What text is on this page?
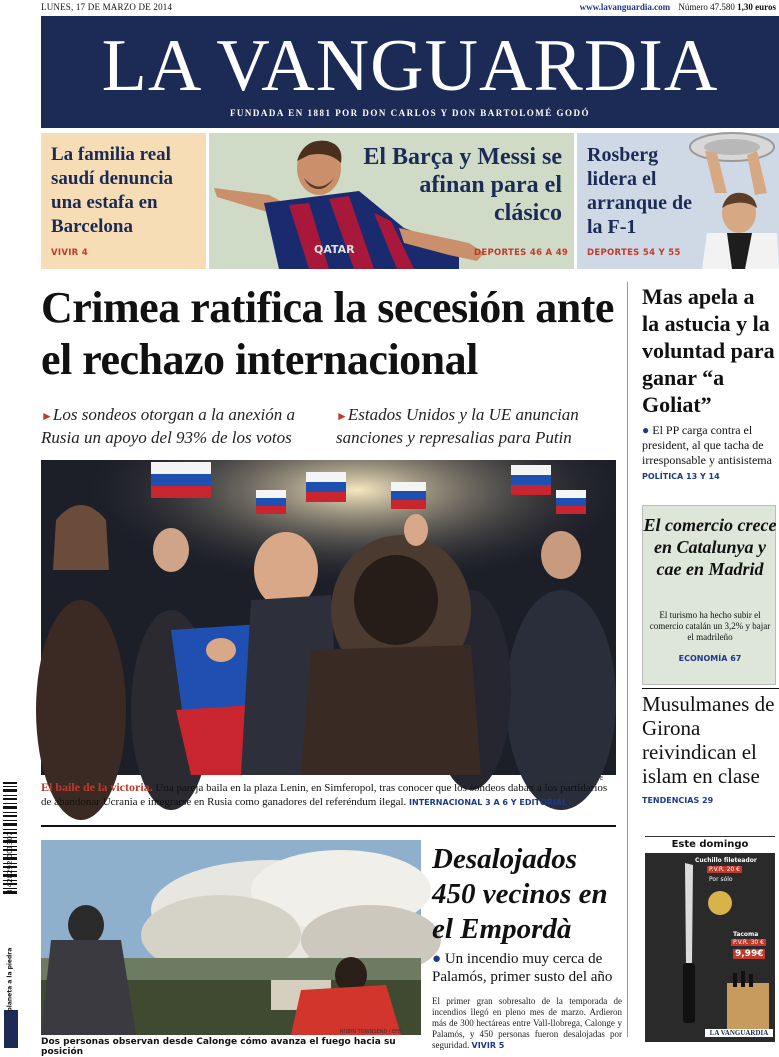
LUNES, 17 DE MARZO DE 2014	www.lavanguardia.com Número 47.580 1,30 euros
LA VANGUARDIA
FUNDADA EN 1881 POR DON CARLOS Y DON BARTOLOMÉ GODÓ
La familia real saudí denuncia una estafa en Barcelona
VIVIR 4	QATAR
El Barça y Messi se afinan para el clásico
DEPORTES 46 A 49
Rosberg lidera el arranque de la F-1
DEPORTES 54 Y 55
Crimea ratifica la secesión ante el rechazo internacional
►Los sondeos otorgan a la anexión a Rusia un apoyo del 93% de los votos
►Estados Unidos y la UE anuncian sanciones y represalias para Putin
YURI KOCHETKOV / EFE
El baile de la victoria. Una pareja baila en la plaza Lenin, en Simferopol, tras conocer que los sondeos daban a los partidarios de abandonar Ucrania e integrarse en Rusia como ganadores del referéndum ilegal. INTERNACIONAL 3 A 6 Y EDITORIAL
ROBIN TOWNSEND / EFE
Dos personas observan desde Calonge cómo avanza el fuego hacia su posición
Desalojados 450 vecinos en el Empordà
● Un incendio muy cerca de Palamós, primer susto del año
El primer gran sobresalto de la temporada de incendios llegó en pleno mes de marzo. Ardieron más de 300 hectáreas entre Vall-llobrega, Calonge y Palamós, y 450 personas fueron desalojadas por seguridad. VIVIR 5
Mas apela a la astucia y la voluntad para ganar “a Goliat”
● El PP carga contra el president, al que tacha de irresponsable y antisistema POLÍTICA 13 Y 14
El comercio crece en Catalunya y cae en Madrid
El turismo ha hecho subir el comercio catalán un 3,2% y bajar el madrileño
ECONOMÍA 67
Musulmanes de Girona reivindican el islam en clase
TENDENCIAS 29
Este domingo
Cuchillo fileteador
P.V.R. 20 €
Por sólo
Tacoma
P.V.R. 30 €
9,99€
LA VANGUARDIA
8 428292 001307
planeta a la piedra
